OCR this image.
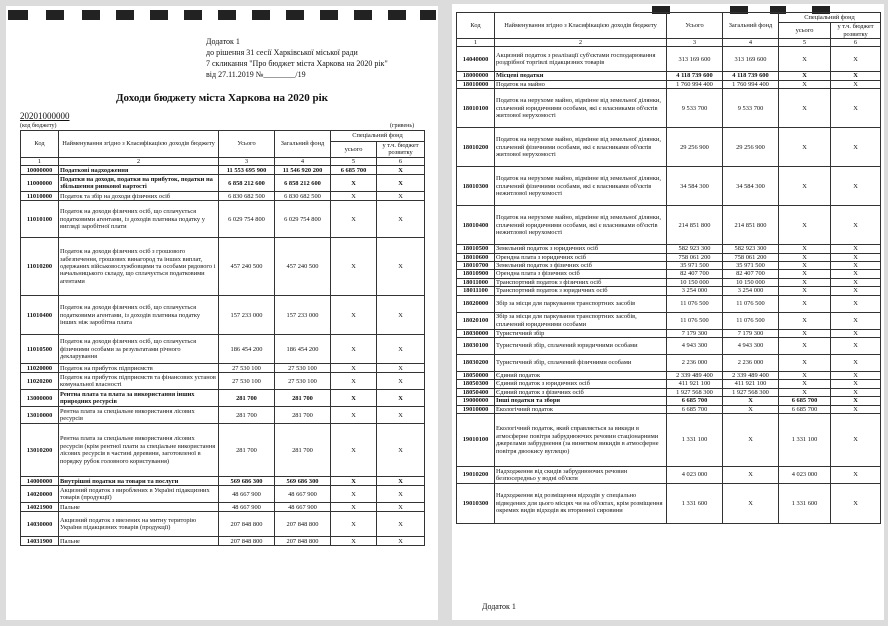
Додаток 1
до рішення 31 сесії Харківської міської ради
7 скликання "Про бюджет міста Харкова на 2020 рік"
від 27.11.2019 №________/19
Доходи бюджету міста Харкова на 2020 рік
20201000000
(код бюджету)	(гривень)
Код	Найменування згідно з Класифікацією доходів бюджету	Усього	Загальний фонд	Спеціальний фонд	
				усього	у т.ч. бюджет розвитку
1	2	3	4	5	6
10000000	Податкові надходження	11 553 695 900	11 546 920 200	6 685 700	Х
11000000	Податки на доходи, податки на прибуток, податки на збільшення ринкової вартості	6 858 212 600	6 858 212 600	Х	Х
11010000	Податок та збір на доходи фізичних осіб	6 830 682 500	6 830 682 500	Х	Х
11010100	Податок на доходи фізичних осіб, що сплачується податковими агентами, із доходів платника податку у вигляді заробітної плати	6 029 754 800	6 029 754 800	Х	Х
11010200	Податок на доходи фізичних осіб з грошового забезпечення, грошових винагород та інших виплат, одержаних військовослужбовцями та особами рядового і начальницького складу, що сплачується податковими агентами	457 240 500	457 240 500	Х	Х
11010400	Податок на доходи фізичних осіб, що сплачується податковими агентами, із доходів платника податку інших ніж заробітна плата	157 233 000	157 233 000	Х	Х
11010500	Податок на доходи фізичних осіб, що сплачується фізичними особами за результатами річного декларування	186 454 200	186 454 200	Х	Х
11020000	Податок на прибуток підприємств	27 530 100	27 530 100	Х	Х
11020200	Податок на прибуток підприємств та фінансових установ комунальної власності	27 530 100	27 530 100	Х	Х
13000000	Рентна плата та плата за використання інших природних ресурсів	281 700	281 700	Х	Х
13010000	Рентна плата за спеціальне використання лісових ресурсів	281 700	281 700	Х	Х
13010200	Рентна плата за спеціальне використання лісових ресурсів (крім рентної плати за спеціальне використання лісових ресурсів в частині деревини, заготовленої в порядку рубок головного користування)	281 700	281 700	Х	Х
14000000	Внутрішні податки на товари та послуги	569 686 300	569 686 300	Х	Х
14020000	Акцизний податок з вироблених в Україні підакцизних товарів (продукції)	48 667 900	48 667 900	Х	Х
14021900	Пальне	48 667 900	48 667 900	Х	Х
14030000	Акцизний податок з ввезених на митну територію України підакцизних товарів (продукції)	207 848 800	207 848 800	Х	Х
14031900	Пальне	207 848 800	207 848 800	Х	Х
Код	Найменування згідно з Класифікацією доходів бюджету	Усього	Загальний фонд	Спеціальний фонд	
				усього	у т.ч. бюджет розвитку
1	2	3	4	5	6
14040000	Акцизний податок з реалізації суб'єктами господарювання роздрібної торгівлі підакцизних товарів	313 169 600	313 169 600	Х	Х
18000000	Місцеві податки	4 118 739 600	4 118 739 600	Х	Х
18010000	Податок на майно	1 760 994 400	1 760 994 400	Х	Х
18010100	Податок на нерухоме майно, відмінне від земельної ділянки, сплачений юридичними особами, які є власниками об'єктів житлової нерухомості	9 533 700	9 533 700	Х	Х
18010200	Податок на нерухоме майно, відмінне від земельної ділянки, сплачений фізичними особами, які є власниками об'єктів житлової нерухомості	29 256 900	29 256 900	Х	Х
18010300	Податок на нерухоме майно, відмінне від земельної ділянки, сплачений фізичними особами, які є власниками об'єктів нежитлової нерухомості	34 584 300	34 584 300	Х	Х
18010400	Податок на нерухоме майно, відмінне від земельної ділянки, сплачений юридичними особами, які є власниками об'єктів нежитлової нерухомості	214 851 800	214 851 800	Х	Х
18010500	Земельний податок з юридичних осіб	582 923 300	582 923 300	Х	Х
18010600	Орендна плата з юридичних осіб	758 061 200	758 061 200	Х	Х
18010700	Земельний податок з фізичних осіб	35 971 500	35 971 500	Х	Х
18010900	Орендна плата з фізичних осіб	82 407 700	82 407 700	Х	Х
18011000	Транспортний податок з фізичних осіб	10 150 000	10 150 000	Х	Х
18011100	Транспортний податок з юридичних осіб	3 254 000	3 254 000	Х	Х
18020000	Збір за місця для паркування транспортних засобів	11 076 500	11 076 500	Х	Х
18020100	Збір за місця для паркування транспортних засобів, сплачений юридичними особами	11 076 500	11 076 500	Х	Х
18030000	Туристичний збір	7 179 300	7 179 300	Х	Х
18030100	Туристичний збір, сплачений юридичними особами	4 943 300	4 943 300	Х	Х
18030200	Туристичний збір, сплачений фізичними особами	2 236 000	2 236 000	Х	Х
18050000	Єдиний податок	2 339 489 400	2 339 489 400	Х	Х
18050300	Єдиний податок з юридичних осіб	411 921 100	411 921 100	Х	Х
18050400	Єдиний податок з фізичних осіб	1 927 568 300	1 927 568 300	Х	Х
19000000	Інші податки та збори	6 685 700	Х	6 685 700	Х
19010000	Екологічний податок	6 685 700	Х	6 685 700	Х
19010100	Екологічний податок, який справляється за викиди в атмосферне повітря забруднюючих речовин стаціонарними джерелами забруднення (за винятком викидів в атмосферне повітря двоокису вуглецю)	1 331 100	Х	1 331 100	Х
19010200	Надходження від скидів забруднюючих речовин безпосередньо у водні об'єкти	4 023 000	Х	4 023 000	Х
19010300	Надходження від розміщення відходів у спеціально відведених для цього місцях чи на об'єктах, крім розміщення окремих видів відходів як вторинної сировини	1 331 600	Х	1 331 600	Х
Додаток 1
